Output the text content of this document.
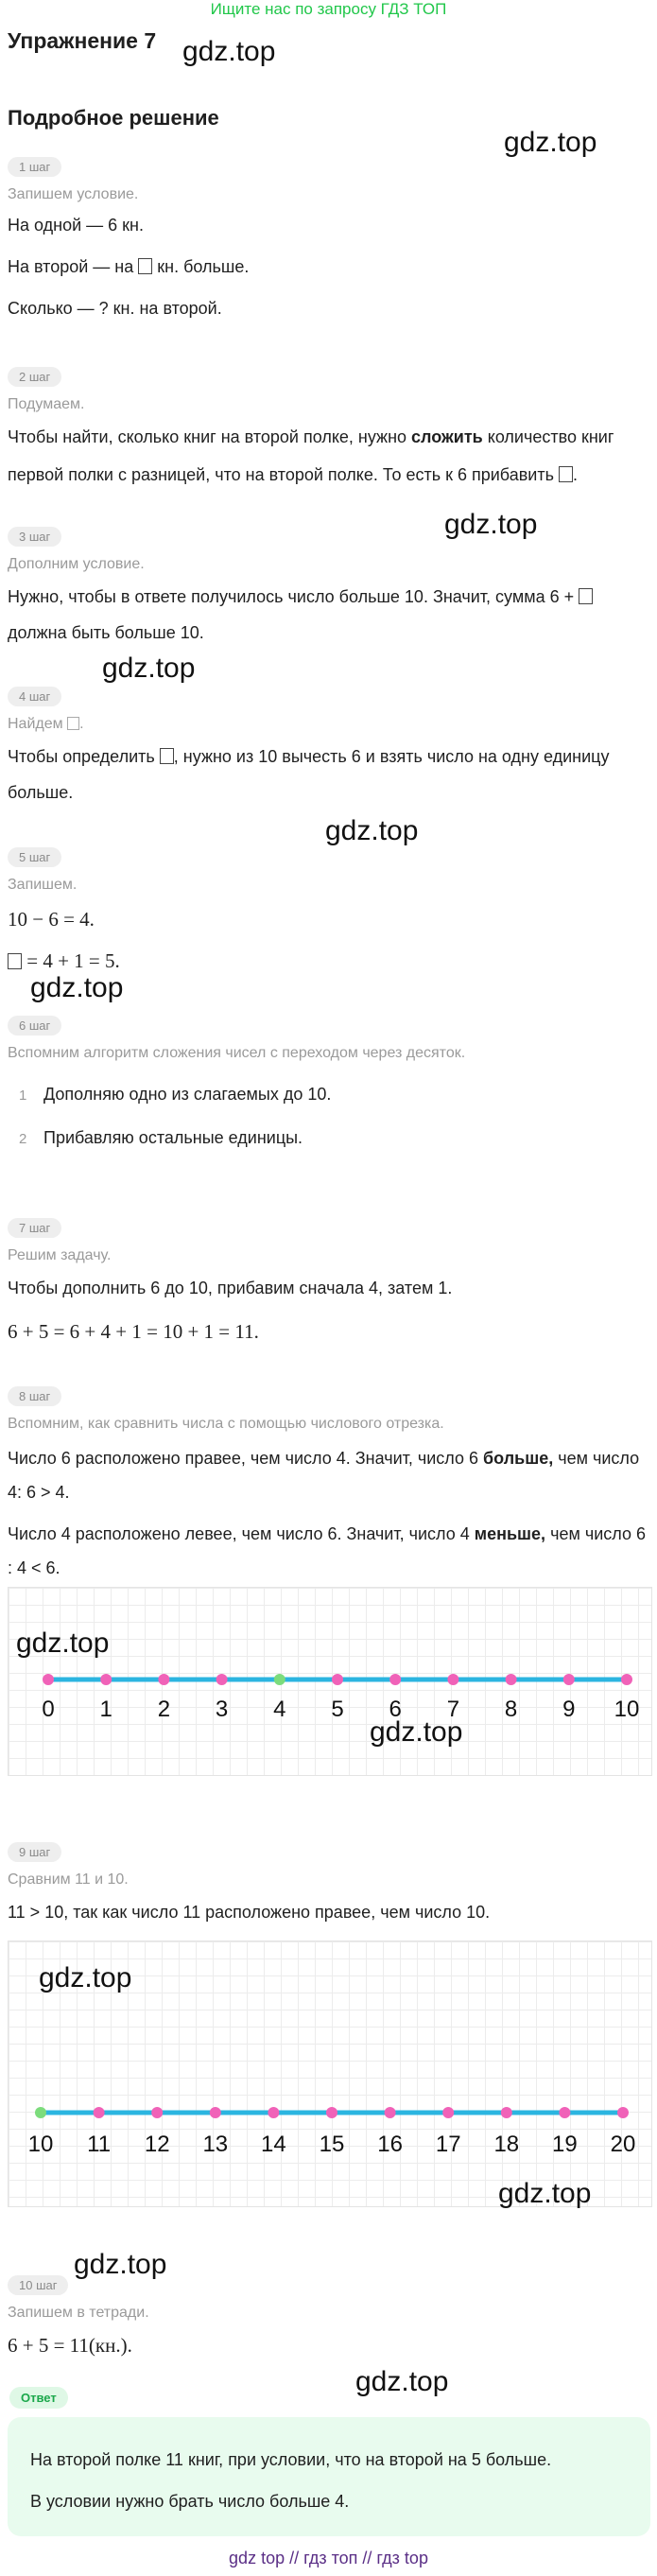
Ищите нас по запросу ГДЗ ТОП
Упражнение 7
Подробное решение
gdz.top
gdz.top
gdz.top
gdz.top
gdz.top
gdz.top
gdz.top
gdz.top
1 шаг
Запишем условие.
На одной — 6 кн.
На второй — на кн. больше.
Сколько — ? кн. на второй.
2 шаг
Подумаем.
Чтобы найти, сколько книг на второй полке, нужно сложить количество книг
первой полки с разницей, что на второй полке. То есть к 6 прибавить .
3 шаг
Дополним условие.
Нужно, чтобы в ответе получилось число больше 10. Значит, сумма 6 +
должна быть больше 10.
4 шаг
Найдем .
Чтобы определить , нужно из 10 вычесть 6 и взять число на одну единицу
больше.
5 шаг
Запишем.
10 − 6 = 4.
= 4 + 1 = 5.
6 шаг
Вспомним алгоритм сложения чисел с переходом через десяток.
1 Дополняю одно из слагаемых до 10.
2 Прибавляю остальные единицы.
7 шаг
Решим задачу.
Чтобы дополнить 6 до 10, прибавим сначала 4, затем 1.
6 + 5 = 6 + 4 + 1 = 10 + 1 = 11.
8 шаг
Вспомним, как сравнить числа с помощью числового отрезка.
Число 6 расположено правее, чем число 4. Значит, число 6 больше, чем число
4: 6 > 4.
Число 4 расположено левее, чем число 6. Значит, число 4 меньше, чем число 6
: 4 < 6.
0 1 2 3 4 5 6 7 8 9 10
gdz.top
gdz.top
9 шаг
Сравним 11 и 10.
11 > 10, так как число 11 расположено правее, чем число 10.
10 11 12 13 14 15 16 17 18 19 20
gdz.top
gdz.top
10 шаг
Запишем в тетради.
6 + 5 = 11(кн.).
Ответ
На второй полке 11 книг, при условии, что на второй на 5 больше.
В условии нужно брать число больше 4.
gdz top // гдз топ // гдз top
